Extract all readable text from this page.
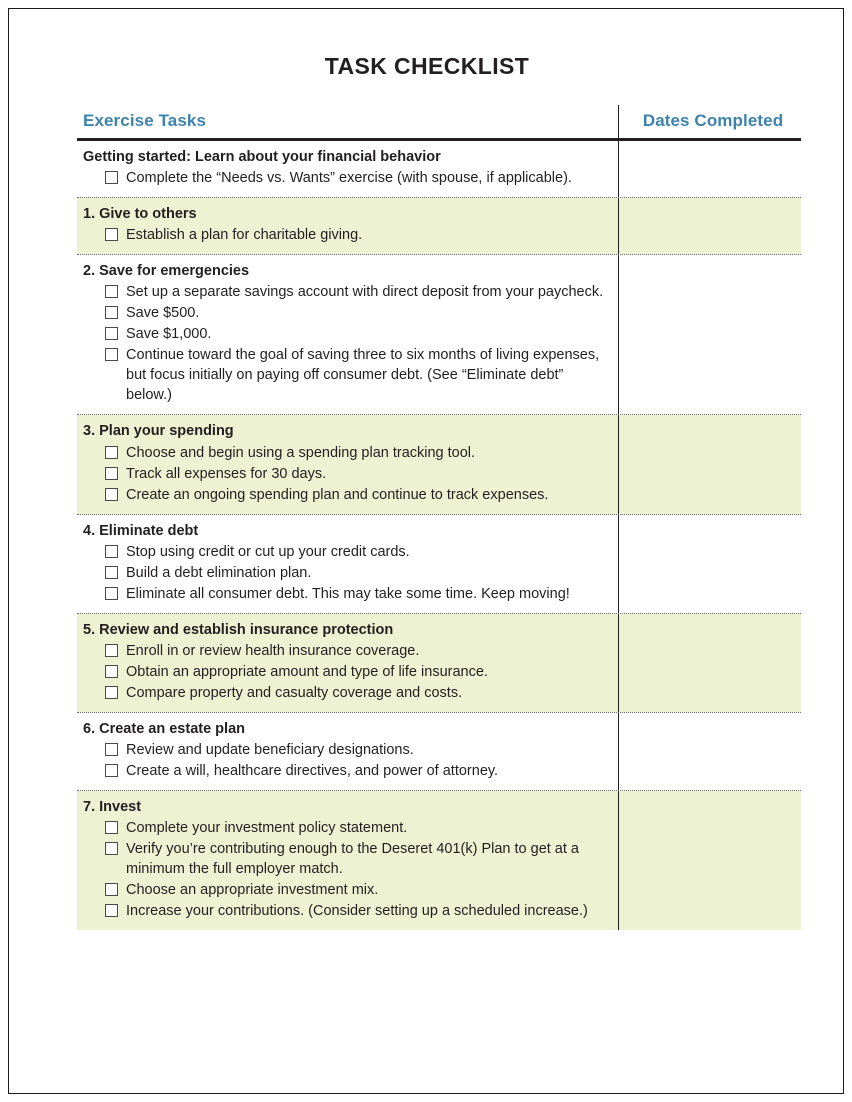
TASK CHECKLIST
Exercise Tasks	Dates Completed
Getting started: Learn about your financial behavior
Complete the “Needs vs. Wants” exercise (with spouse, if applicable).
1. Give to others
Establish a plan for charitable giving.
2. Save for emergencies
Set up a separate savings account with direct deposit from your paycheck.
Save $500.
Save $1,000.
Continue toward the goal of saving three to six months of living expenses, but focus initially on paying off consumer debt. (See “Eliminate debt” below.)
3. Plan your spending
Choose and begin using a spending plan tracking tool.
Track all expenses for 30 days.
Create an ongoing spending plan and continue to track expenses.
4. Eliminate debt
Stop using credit or cut up your credit cards.
Build a debt elimination plan.
Eliminate all consumer debt. This may take some time. Keep moving!
5. Review and establish insurance protection
Enroll in or review health insurance coverage.
Obtain an appropriate amount and type of life insurance.
Compare property and casualty coverage and costs.
6. Create an estate plan
Review and update beneficiary designations.
Create a will, healthcare directives, and power of attorney.
7. Invest
Complete your investment policy statement.
Verify you’re contributing enough to the Deseret 401(k) Plan to get at a minimum the full employer match.
Choose an appropriate investment mix.
Increase your contributions. (Consider setting up a scheduled increase.)
